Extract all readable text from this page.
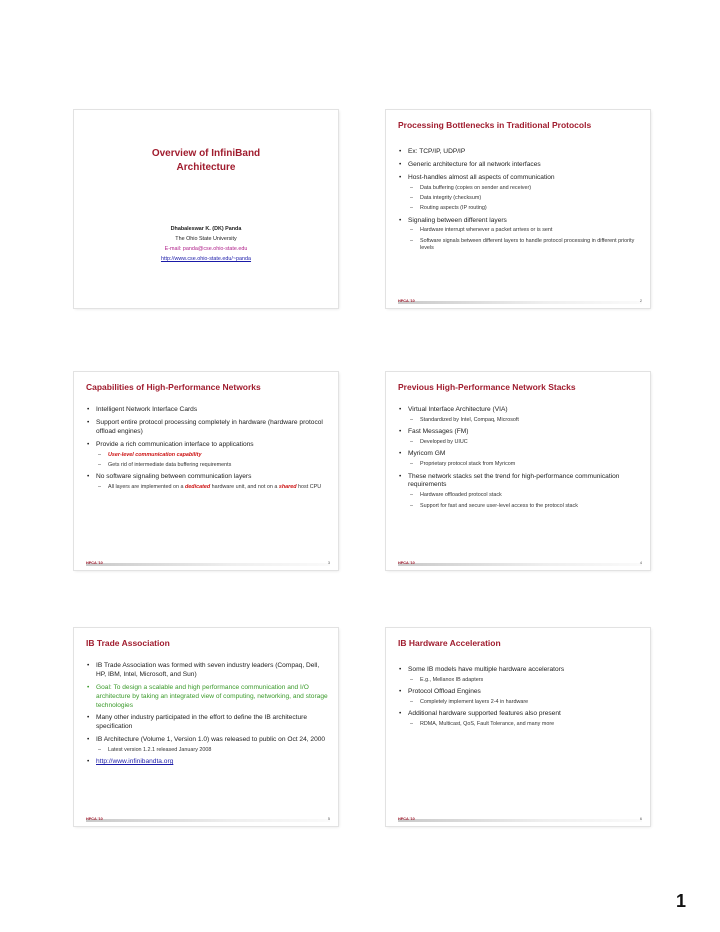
Overview of InfiniBand
Architecture
Dhabaleswar K. (DK) Panda
The Ohio State University
E-mail: panda@cse.ohio-state.edu
http://www.cse.ohio-state.edu/~panda
Processing Bottlenecks in Traditional Protocols
• Ex: TCP/IP, UDP/IP
• Generic architecture for all network interfaces
• Host-handles almost all aspects of communication
– Data buffering (copies on sender and receiver)
– Data integrity (checksum)
– Routing aspects (IP routing)
• Signaling between different layers
– Hardware interrupt whenever a packet arrives or is sent
– Software signals between different layers to handle protocol processing in different priority levels
HPCA '10	2
Capabilities of High-Performance Networks
• Intelligent Network Interface Cards
• Support entire protocol processing completely in hardware (hardware protocol offload engines)
• Provide a rich communication interface to applications
– User-level communication capability
– Gets rid of intermediate data buffering requirements
• No software signaling between communication layers
– All layers are implemented on a dedicated hardware unit, and not on a shared host CPU
HPCA '10	3
Previous High-Performance Network Stacks
• Virtual Interface Architecture (VIA)
– Standardized by Intel, Compaq, Microsoft
• Fast Messages (FM)
– Developed by UIUC
• Myricom GM
– Proprietary protocol stack from Myricom
• These network stacks set the trend for high-performance communication requirements
– Hardware offloaded protocol stack
– Support for fast and secure user-level access to the protocol stack
HPCA '10	4
IB Trade Association
• IB Trade Association was formed with seven industry leaders (Compaq, Dell, HP, IBM, Intel, Microsoft, and Sun)
• Goal: To design a scalable and high performance communication and I/O architecture by taking an integrated view of computing, networking, and storage technologies
• Many other industry participated in the effort to define the IB architecture specification
• IB Architecture (Volume 1, Version 1.0) was released to public on Oct 24, 2000
– Latest version 1.2.1 released January 2008
• http://www.infinibandta.org
HPCA '10	5
IB Hardware Acceleration
• Some IB models have multiple hardware accelerators
– E.g., Mellanox IB adapters
• Protocol Offload Engines
– Completely implement layers 2-4 in hardware
• Additional hardware supported features also present
– RDMA, Multicast, QoS, Fault Tolerance, and many more
HPCA '10	6
1
